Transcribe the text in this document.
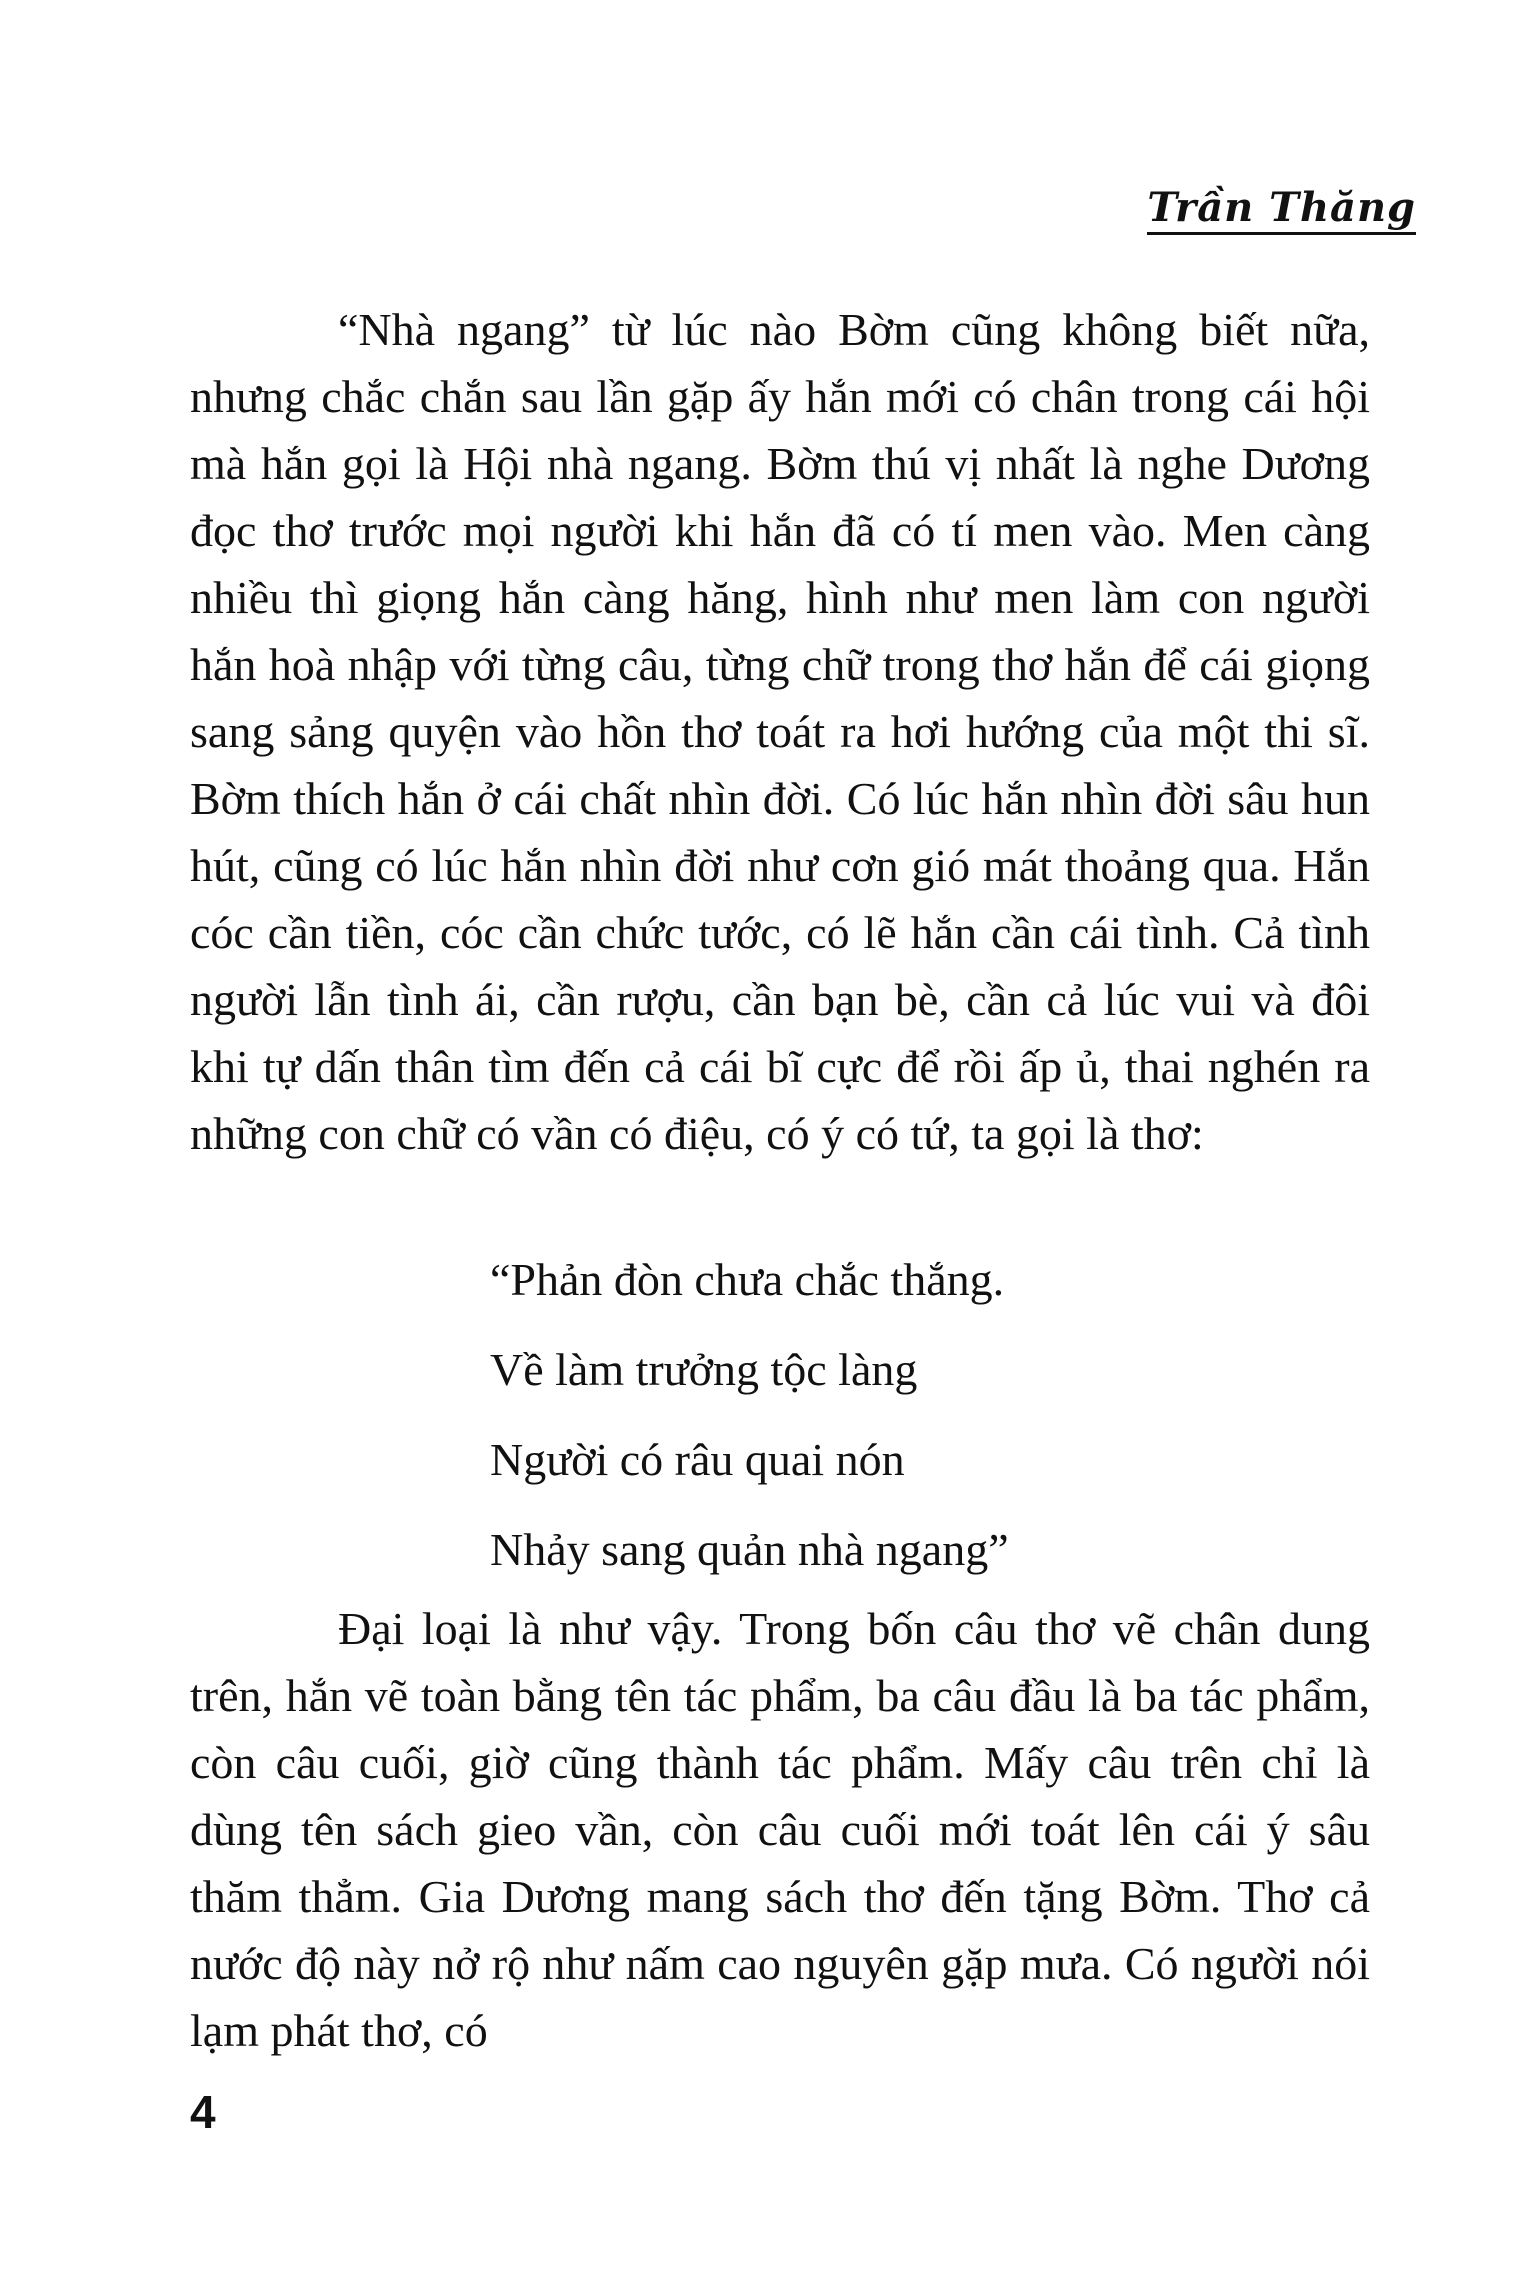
Trần Thăng

“Nhà ngang” từ lúc nào Bờm cũng không biết nữa, nhưng chắc chắn sau lần gặp ấy hắn mới có chân trong cái hội mà hắn gọi là Hội nhà ngang. Bờm thú vị nhất là nghe Dương đọc thơ trước mọi người khi hắn đã có tí men vào. Men càng nhiều thì giọng hắn càng hăng, hình như men làm con người hắn hoà nhập với từng câu, từng chữ trong thơ hắn để cái giọng sang sảng quyện vào hồn thơ toát ra hơi hướng của một thi sĩ. Bờm thích hắn ở cái chất nhìn đời. Có lúc hắn nhìn đời sâu hun hút, cũng có lúc hắn nhìn đời như cơn gió mát thoảng qua. Hắn cóc cần tiền, cóc cần chức tước, có lẽ hắn cần cái tình. Cả tình người lẫn tình ái, cần rượu, cần bạn bè, cần cả lúc vui và đôi khi tự dấn thân tìm đến cả cái bĩ cực để rồi ấp ủ, thai nghén ra những con chữ có vần có điệu, có ý có tứ, ta gọi là thơ:

“Phản đòn chưa chắc thắng.
Về làm trưởng tộc làng
Người có râu quai nón
Nhảy sang quản nhà ngang”

Đại loại là như vậy. Trong bốn câu thơ vẽ chân dung trên, hắn vẽ toàn bằng tên tác phẩm, ba câu đầu là ba tác phẩm, còn câu cuối, giờ cũng thành tác phẩm. Mấy câu trên chỉ là dùng tên sách gieo vần, còn câu cuối mới toát lên cái ý sâu thăm thẳm. Gia Dương mang sách thơ đến tặng Bờm. Thơ cả nước độ này nở rộ như nấm cao nguyên gặp mưa. Có người nói lạm phát thơ, có

4
